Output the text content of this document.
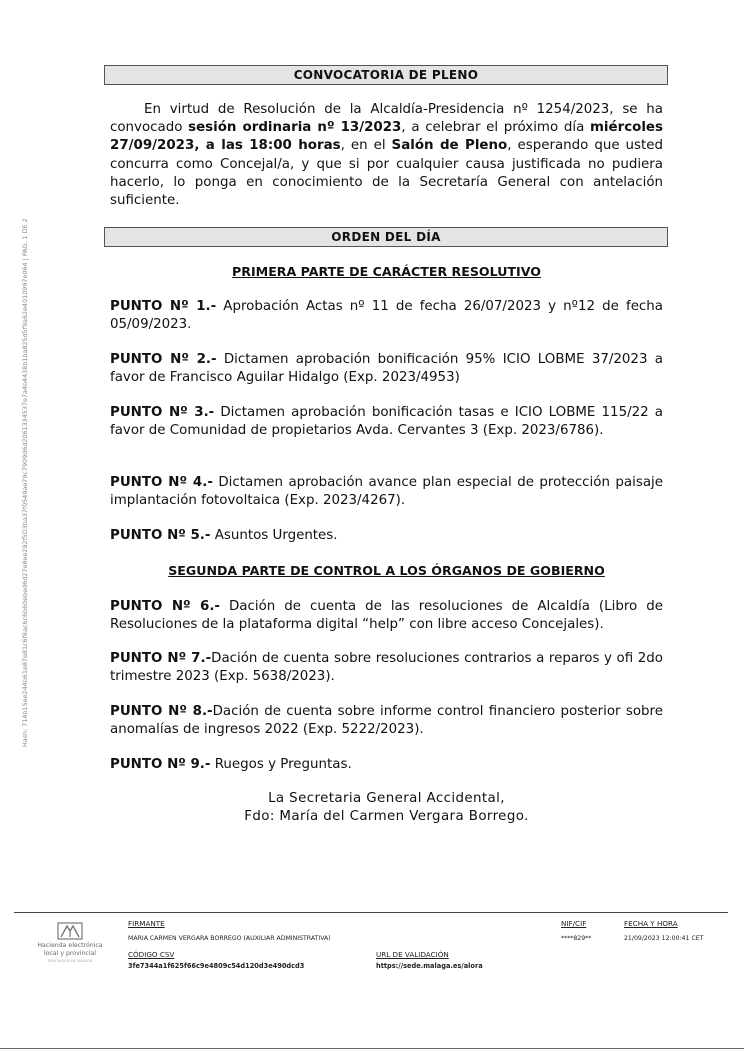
Hash: 714b15ee244b61e87e81c6f8ac6c6b60ebed6d27e8ee292f5D3ba37f0549ae79c7909d6d2061334537e7a4b4438b1ba825d5f9a62e4010997e064 | PAG. 1 DE 2
CONVOCATORIA DE PLENO

En virtud de Resolución de la Alcaldía-Presidencia nº 1254/2023, se ha convocado sesión ordinaria nº 13/2023, a celebrar el próximo día miércoles 27/09/2023, a las 18:00 horas, en el Salón de Pleno, esperando que usted concurra como Concejal/a, y que si por cualquier causa justificada no pudiera hacerlo, lo ponga en conocimiento de la Secretaría General con antelación suficiente.

ORDEN DEL DÍA
PRIMERA PARTE DE CARÁCTER RESOLUTIVO

PUNTO Nº 1.- Aprobación Actas nº 11 de fecha 26/07/2023 y nº12 de fecha 05/09/2023.

PUNTO Nº 2.- Dictamen aprobación bonificación 95% ICIO LOBME 37/2023 a favor de Francisco Aguilar Hidalgo (Exp. 2023/4953)

PUNTO Nº 3.- Dictamen aprobación bonificación tasas e ICIO LOBME 115/22 a favor de Comunidad de propietarios Avda. Cervantes 3 (Exp. 2023/6786).

PUNTO Nº 4.- Dictamen aprobación avance plan especial de protección paisaje implantación fotovoltaica (Exp. 2023/4267).

PUNTO Nº 5.- Asuntos Urgentes.

SEGUNDA PARTE DE CONTROL A LOS ÓRGANOS DE GOBIERNO

PUNTO Nº 6.- Dación de cuenta de las resoluciones de Alcaldía (Libro de Resoluciones de la plataforma digital “help” con libre acceso Concejales).

PUNTO Nº 7.-Dación de cuenta sobre resoluciones contrarios a reparos y ofi 2do trimestre 2023 (Exp. 5638/2023).

PUNTO Nº 8.-Dación de cuenta sobre informe control financiero posterior sobre anomalías de ingresos 2022 (Exp. 5222/2023).

PUNTO Nº 9.- Ruegos y Preguntas.

La Secretaria General Accidental,
Fdo: María del Carmen Vergara Borrego.
Hacienda electrónica
local y provincial
DIPUTACIÓN DE MÁLAGA
FIRMANTE
MARIA CARMEN VERGARA BORREGO (AUXILIAR ADMINISTRATIVA)
NIF/CIF
****829**
FECHA Y HORA
21/09/2023 12:00:41 CET
CÓDIGO CSV
3fe7344a1f625f66c9e4809c54d120d3e490dcd3
URL DE VALIDACIÓN
https://sede.malaga.es/alora
